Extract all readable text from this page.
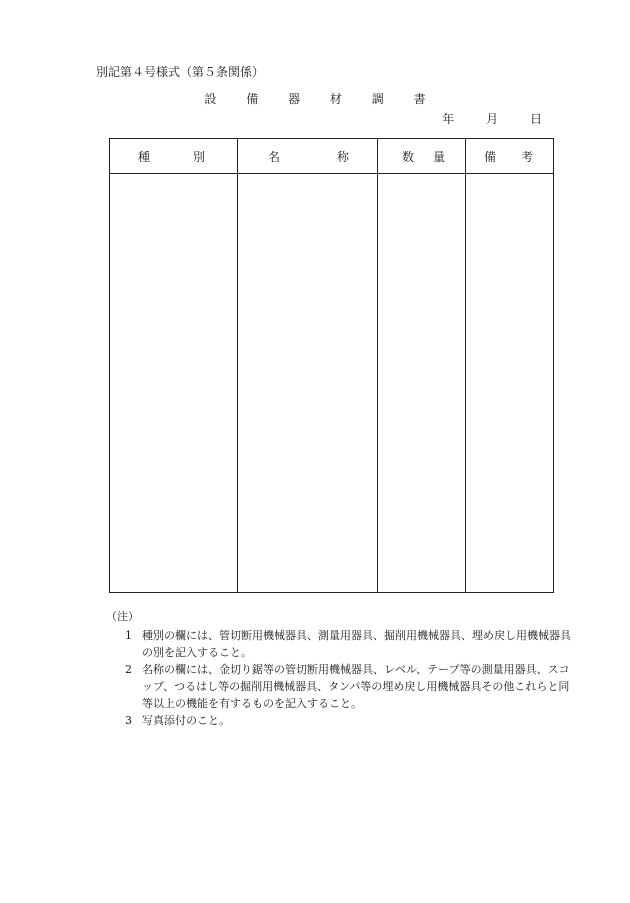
別記第４号様式（第５条関係）
設 備 器 材 調 書
年	月	日
種 別	名 称	数 量	備 考

（注）
1 種別の欄には、管切断用機械器具、測量用器具、掘削用機械器具、埋め戻し用機械器具の別を記入すること。
2 名称の欄には、金切り鋸等の管切断用機械器具、レベル、テープ等の測量用器具、スコップ、つるはし等の掘削用機械器具、タンパ等の埋め戻し用機械器具その他これらと同等以上の機能を有するものを記入すること。
3 写真添付のこと。
